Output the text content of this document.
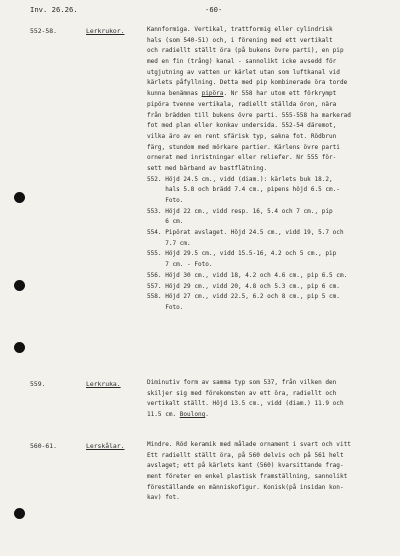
Inv. 26.26.	-60-
552-58.	Lerkrukor.	Kannformiga. Vertikal, trattformig eller cylindrisk
hals (som 540-51) och, i förening med ett vertikalt
och radiellt ställt öra (på bukens övre parti), en pip
med en fin (trång) kanal - sannolikt icke avsedd för
utgjutning av vatten ur kärlet utan som luftkanal vid
kärlets påfyllning. Detta med pip kombinerade öra torde
kunna benämnas pipöra. Nr 558 har utom ett förkrympt
pipöra tvenne vertikala, radiellt ställda öron, nära
från brädden till bukens övre parti. 555-558 ha markerad
fot med plan eller konkav undersida. 552-54 däremot,
vilka äro av en rent sfärisk typ, sakna fot. Rödbrun
färg, stundom med mörkare partier. Kärlens övre parti
ornerat med inristningar eller reliefer. Nr 555 för-
sett med bärband av bastflätning.
552. Höjd 24.5 cm., vidd (diam.): kärlets buk 18.2,
hals 5.8 och brädd 7.4 cm., pipens höjd 6.5 cm.-
Foto.
553. Höjd 22 cm., vidd resp. 16, 5.4 och 7 cm., pip
6 cm.
554. Pipörat avslaget. Höjd 24.5 cm., vidd 19, 5.7 och
7.7 cm.
555. Höjd 29.5 cm., vidd 15.5-16, 4.2 och 5 cm., pip
7 cm. - Foto.
556. Höjd 30 cm., vidd 18, 4.2 och 4.6 cm., pip 6.5 cm.
557. Höjd 29 cm., vidd 20, 4.8 och 5.3 cm., pip 6 cm.
558. Höjd 27 cm., vidd 22.5, 6.2 och 8 cm., pip 5 cm.
Foto.
559.	Lerkruka.	Diminutiv form av samma typ som 537, från vilken den
skiljer sig med förekomsten av ett öra, radiellt och
vertikalt ställt. Höjd 13.5 cm., vidd (diam.) 11.9 och
11.5 cm. Boulong.
560-61.	Lerskålar.	Mindre. Röd keramik med målade ornament i svart och vitt
Ett radiellt ställt öra, på 560 delvis och på 561 helt
avslaget; ett på kärlets kant (560) kvarsittande frag-
ment företer en enkel plastisk framställning, sannolikt
föreställande en människofigur. Konisk(på insidan kon-
kav) fot.
